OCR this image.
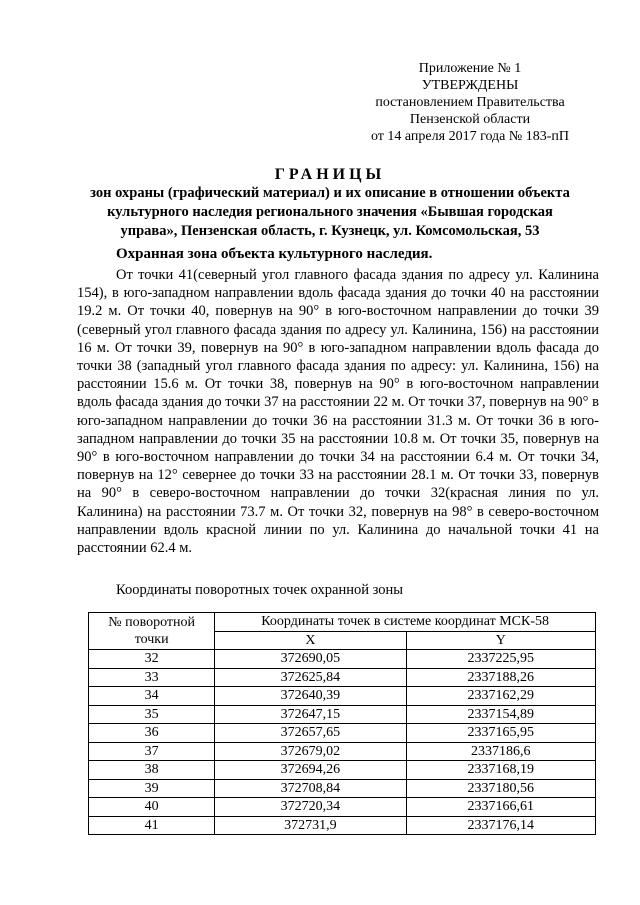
Приложение № 1
УТВЕРЖДЕНЫ
постановлением Правительства
Пензенской области
от 14 апреля 2017 года № 183-пП
ГРАНИЦЫ
зон охраны (графический материал) и их описание в отношении объекта
культурного наследия регионального значения «Бывшая городская
управа», Пензенская область, г. Кузнецк, ул. Комсомольская, 53
Охранная зона объекта культурного наследия.
От точки 41(северный угол главного фасада здания по адресу ул. Калинина 154), в юго-западном направлении вдоль фасада здания до точки 40 на расстоянии 19.2 м. От точки 40, повернув на 90° в юго-восточном направлении до точки 39 (северный угол главного фасада здания по адресу ул. Калинина, 156) на расстоянии 16 м. От точки 39, повернув на 90° в юго-западном направлении вдоль фасада до точки 38 (западный угол главного фасада здания по адресу: ул. Калинина, 156) на расстоянии 15.6 м. От точки 38, повернув на 90° в юго-восточном направлении вдоль фасада здания до точки 37 на расстоянии 22 м. От точки 37, повернув на 90° в юго-западном направлении до точки 36 на расстоянии 31.3 м. От точки 36 в юго-западном направлении до точки 35 на расстоянии 10.8 м. От точки 35, повернув на 90° в юго-восточном направлении до точки 34 на расстоянии 6.4 м. От точки 34, повернув на 12° севернее до точки 33 на расстоянии 28.1 м. От точки 33, повернув на 90° в северо-восточном направлении до точки 32(красная линия по ул. Калинина) на расстоянии 73.7 м. От точки 32, повернув на 98° в северо-восточном направлении вдоль красной линии по ул. Калинина до начальной точки 41 на расстоянии 62.4 м.
Координаты поворотных точек охранной зоны
№ поворотной
точки	Координаты точек в системе координат МСК-58	
	X	Y
32	372690,05	2337225,95
33	372625,84	2337188,26
34	372640,39	2337162,29
35	372647,15	2337154,89
36	372657,65	2337165,95
37	372679,02	2337186,6
38	372694,26	2337168,19
39	372708,84	2337180,56
40	372720,34	2337166,61
41	372731,9	2337176,14
